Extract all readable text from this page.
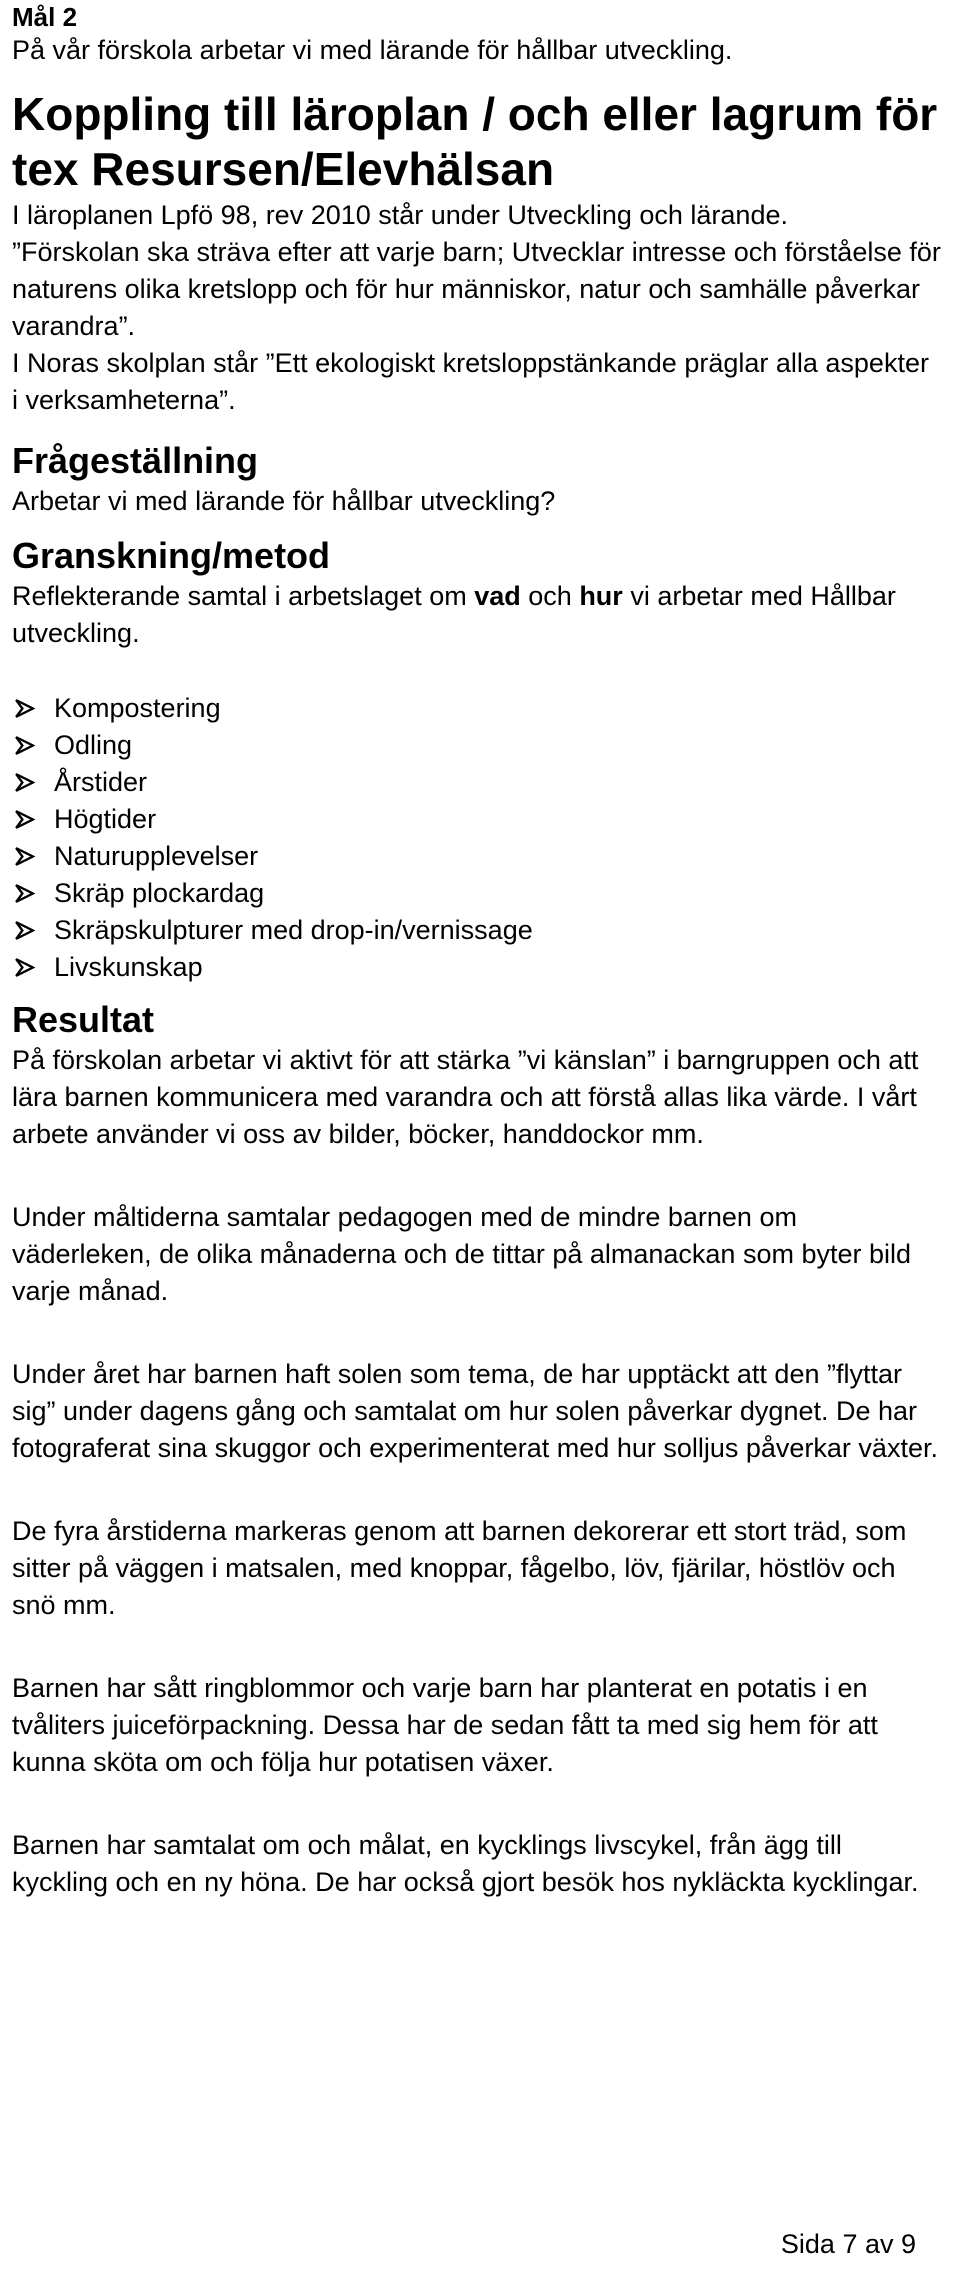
Mål 2

På vår förskola arbetar vi med lärande för hållbar utveckling.

Koppling till läroplan / och eller lagrum för tex Resursen/Elevhälsan

I läroplanen Lpfö 98, rev 2010 står under Utveckling och lärande.

”Förskolan ska sträva efter att varje barn; Utvecklar intresse och förståelse för naturens olika kretslopp och för hur människor, natur och samhälle påverkar varandra”.

I Noras skolplan står ”Ett ekologiskt kretsloppstänkande präglar alla aspekter i verksamheterna”.

Frågeställning

Arbetar vi med lärande för hållbar utveckling?

Granskning/metod

Reflekterande samtal i arbetslaget om vad och hur vi arbetar med Hållbar utveckling.

Kompostering
Odling
Årstider
Högtider
Naturupplevelser
Skräp plockardag
Skräpskulpturer med drop-in/vernissage
Livskunskap
Resultat

På förskolan arbetar vi aktivt för att stärka ”vi känslan” i barngruppen och att lära barnen kommunicera med varandra och att förstå allas lika värde. I vårt arbete använder vi oss av bilder, böcker, handdockor mm.

Under måltiderna samtalar pedagogen med de mindre barnen om väderleken, de olika månaderna och de tittar på almanackan som byter bild varje månad.

Under året har barnen haft solen som tema, de har upptäckt att den ”flyttar sig” under dagens gång och samtalat om hur solen påverkar dygnet. De har fotograferat sina skuggor och experimenterat med hur solljus påverkar växter.

De fyra årstiderna markeras genom att barnen dekorerar ett stort träd, som sitter på väggen i matsalen, med knoppar, fågelbo, löv, fjärilar, höstlöv och snö mm.

Barnen har sått ringblommor och varje barn har planterat en potatis i en tvåliters juiceförpackning. Dessa har de sedan fått ta med sig hem för att kunna sköta om och följa hur potatisen växer.

Barnen har samtalat om och målat, en kycklings livscykel, från ägg till kyckling och en ny höna. De har också gjort besök hos nykläckta kycklingar.

Sida 7 av 9
